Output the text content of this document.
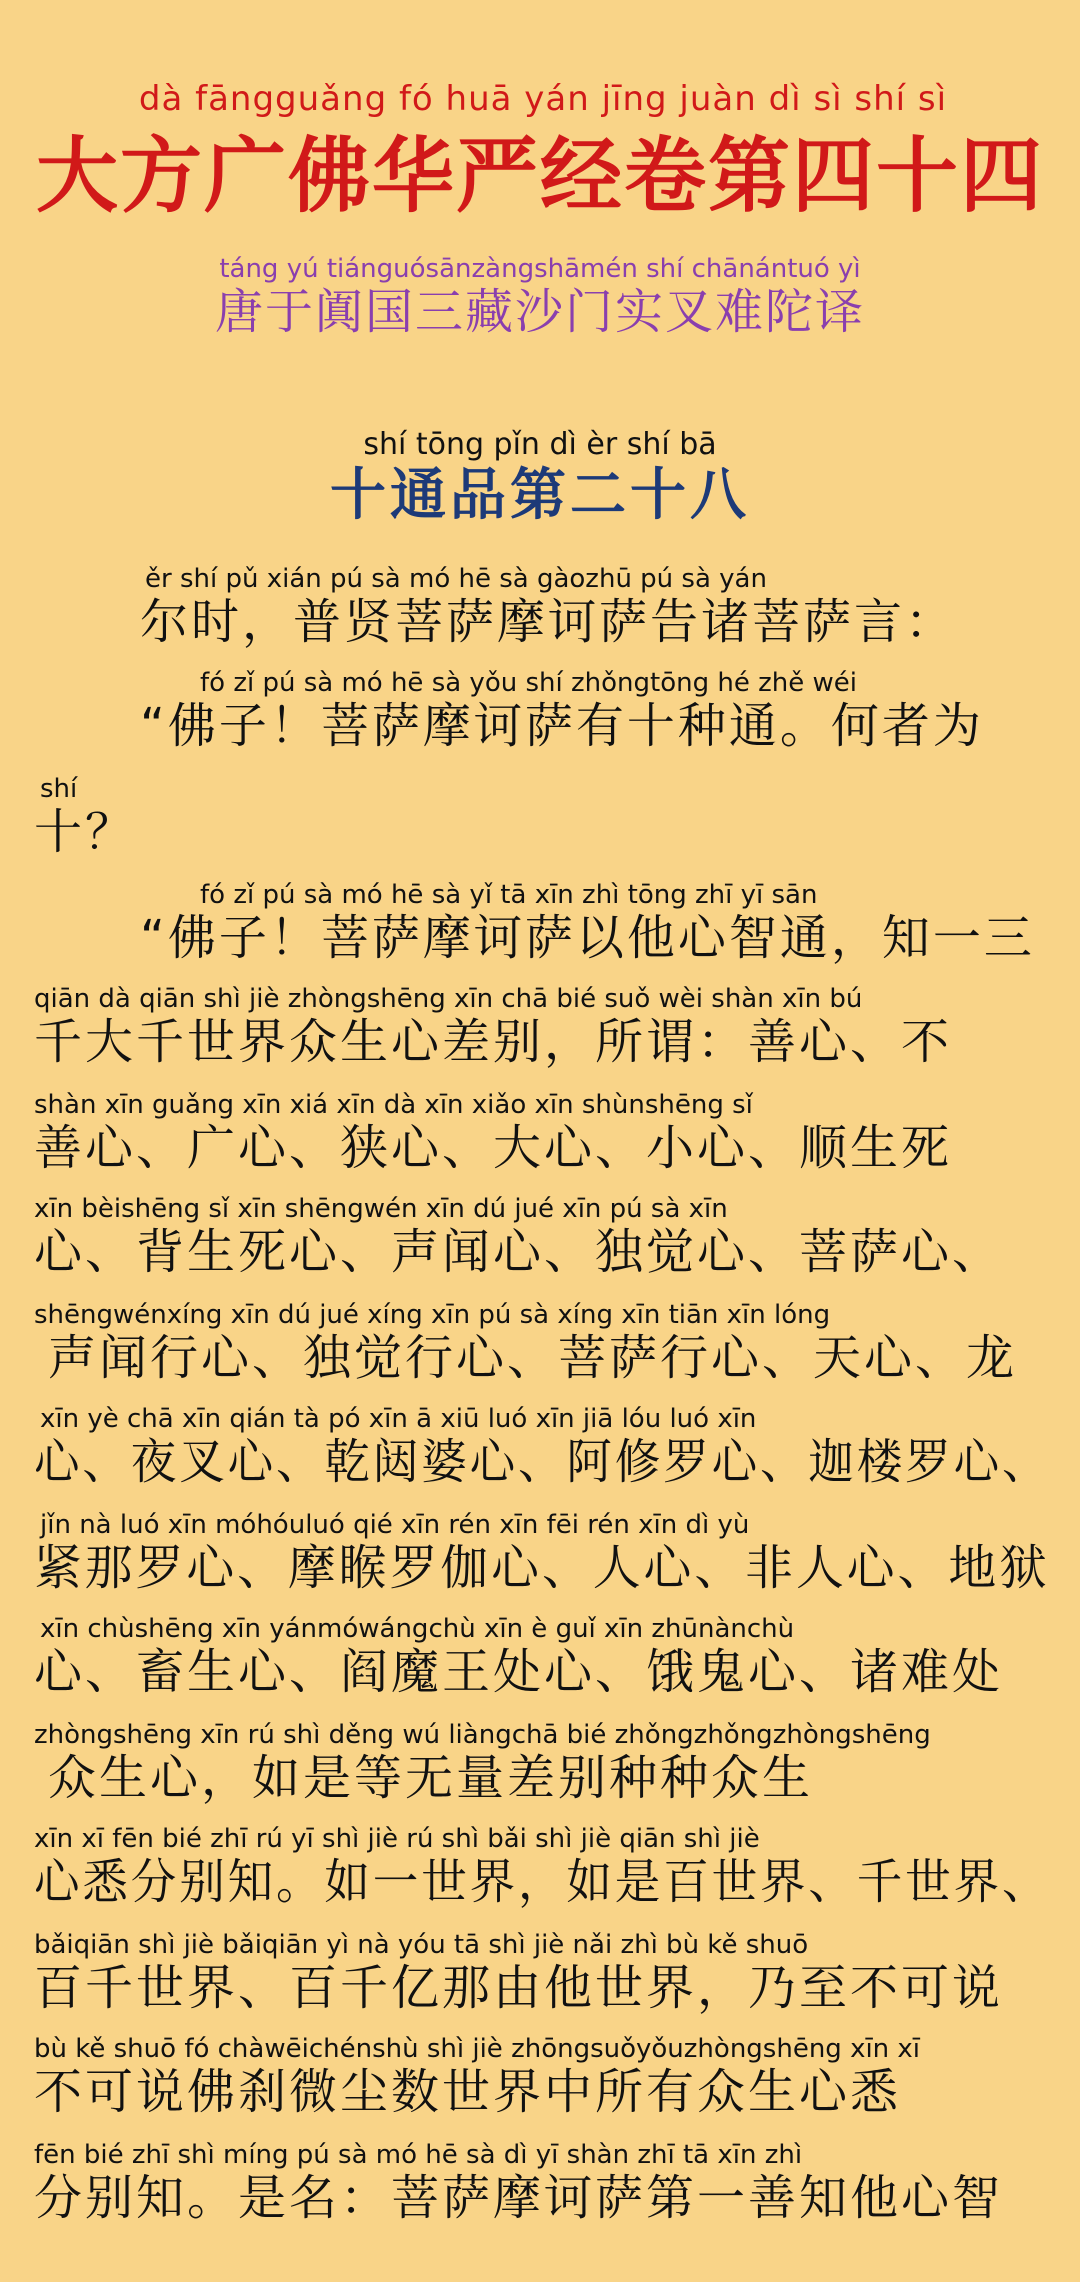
dà fāngguǎng fó huā yán jīng juàn dì sì shí sì
大方广佛华严经卷第四十四
táng yú tiánguósānzàngshāmén shí chānántuó yì
唐于阗国三藏沙门实叉难陀译
shí tōng pǐn dì èr shí bā
十通品第二十八
ěr shí pǔ xián pú sà mó hē sà gàozhū pú sà yán
尔时，普贤菩萨摩诃萨告诸菩萨言：
fó zǐ pú sà mó hē sà yǒu shí zhǒngtōng hé zhě wéi
“佛子！菩萨摩诃萨有十种通。何者为
shí
十？
fó zǐ pú sà mó hē sà yǐ tā xīn zhì tōng zhī yī sān
“佛子！菩萨摩诃萨以他心智通，知一三
qiān dà qiān shì jiè zhòngshēng xīn chā bié suǒ wèi shàn xīn bú
千大千世界众生心差别，所谓：善心、不
shàn xīn guǎng xīn xiá xīn dà xīn xiǎo xīn shùnshēng sǐ
善心、广心、狭心、大心、小心、顺生死
xīn bèishēng sǐ xīn shēngwén xīn dú jué xīn pú sà xīn
心、背生死心、声闻心、独觉心、菩萨心、
shēngwénxíng xīn dú jué xíng xīn pú sà xíng xīn tiān xīn lóng
声闻行心、独觉行心、菩萨行心、天心、龙
xīn yè chā xīn qián tà pó xīn ā xiū luó xīn jiā lóu luó xīn
心、夜叉心、乾闼婆心、阿修罗心、迦楼罗心、
jǐn nà luó xīn móhóuluó qié xīn rén xīn fēi rén xīn dì yù
紧那罗心、摩睺罗伽心、人心、非人心、地狱
xīn chùshēng xīn yánmówángchù xīn è guǐ xīn zhūnànchù
心、畜生心、阎魔王处心、饿鬼心、诸难处
zhòngshēng xīn rú shì děng wú liàngchā bié zhǒngzhǒngzhòngshēng
众生心，如是等无量差别种种众生
xīn xī fēn bié zhī rú yī shì jiè rú shì bǎi shì jiè qiān shì jiè
心悉分别知。如一世界，如是百世界、千世界、
bǎiqiān shì jiè bǎiqiān yì nà yóu tā shì jiè nǎi zhì bù kě shuō
百千世界、百千亿那由他世界，乃至不可说
bù kě shuō fó chàwēichénshù shì jiè zhōngsuǒyǒuzhòngshēng xīn xī
不可说佛刹微尘数世界中所有众生心悉
fēn bié zhī shì míng pú sà mó hē sà dì yī shàn zhī tā xīn zhì
分别知。是名：菩萨摩诃萨第一善知他心智
